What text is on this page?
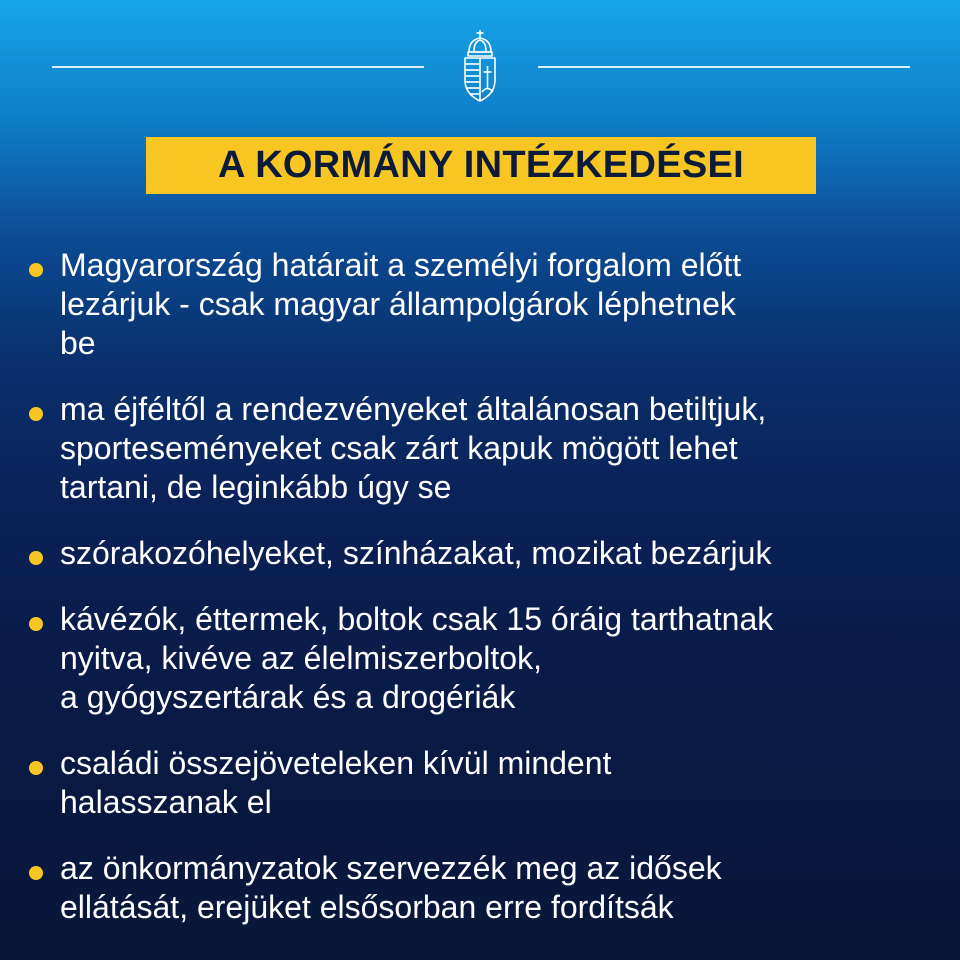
A KORMÁNY INTÉZKEDÉSEI
Magyarország határait a személyi forgalom előtt
lezárjuk - csak magyar állampolgárok léphetnek
be
ma éjféltől a rendezvényeket általánosan betiltjuk,
sporteseményeket csak zárt kapuk mögött lehet
tartani, de leginkább úgy se
szórakozóhelyeket, színházakat, mozikat bezárjuk
kávézók, éttermek, boltok csak 15 óráig tarthatnak
nyitva, kivéve az élelmiszerboltok,
a gyógyszertárak és a drogériák
családi összejöveteleken kívül mindent
halasszanak el
az önkormányzatok szervezzék meg az idősek
ellátását, erejüket elsősorban erre fordítsák
